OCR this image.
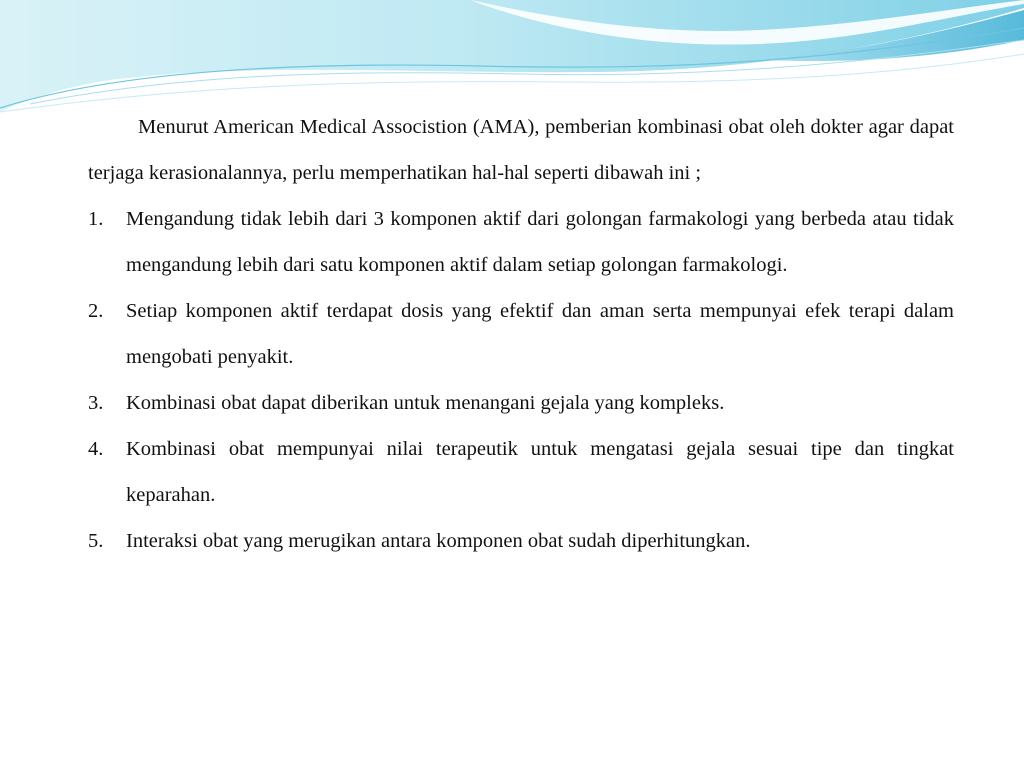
Menurut American Medical Associstion (AMA), pemberian kombinasi obat oleh dokter agar dapat terjaga kerasionalannya, perlu memperhatikan hal-hal seperti dibawah ini ;

1. Mengandung tidak lebih dari 3 komponen aktif dari golongan farmakologi yang berbeda atau tidak mengandung lebih dari satu komponen aktif dalam setiap golongan farmakologi.
2. Setiap komponen aktif terdapat dosis yang efektif dan aman serta mempunyai efek terapi dalam mengobati penyakit.
3. Kombinasi obat dapat diberikan untuk menangani gejala yang kompleks.
4. Kombinasi obat mempunyai nilai terapeutik untuk mengatasi gejala sesuai tipe dan tingkat keparahan.
5. Interaksi obat yang merugikan antara komponen obat sudah diperhitungkan.
